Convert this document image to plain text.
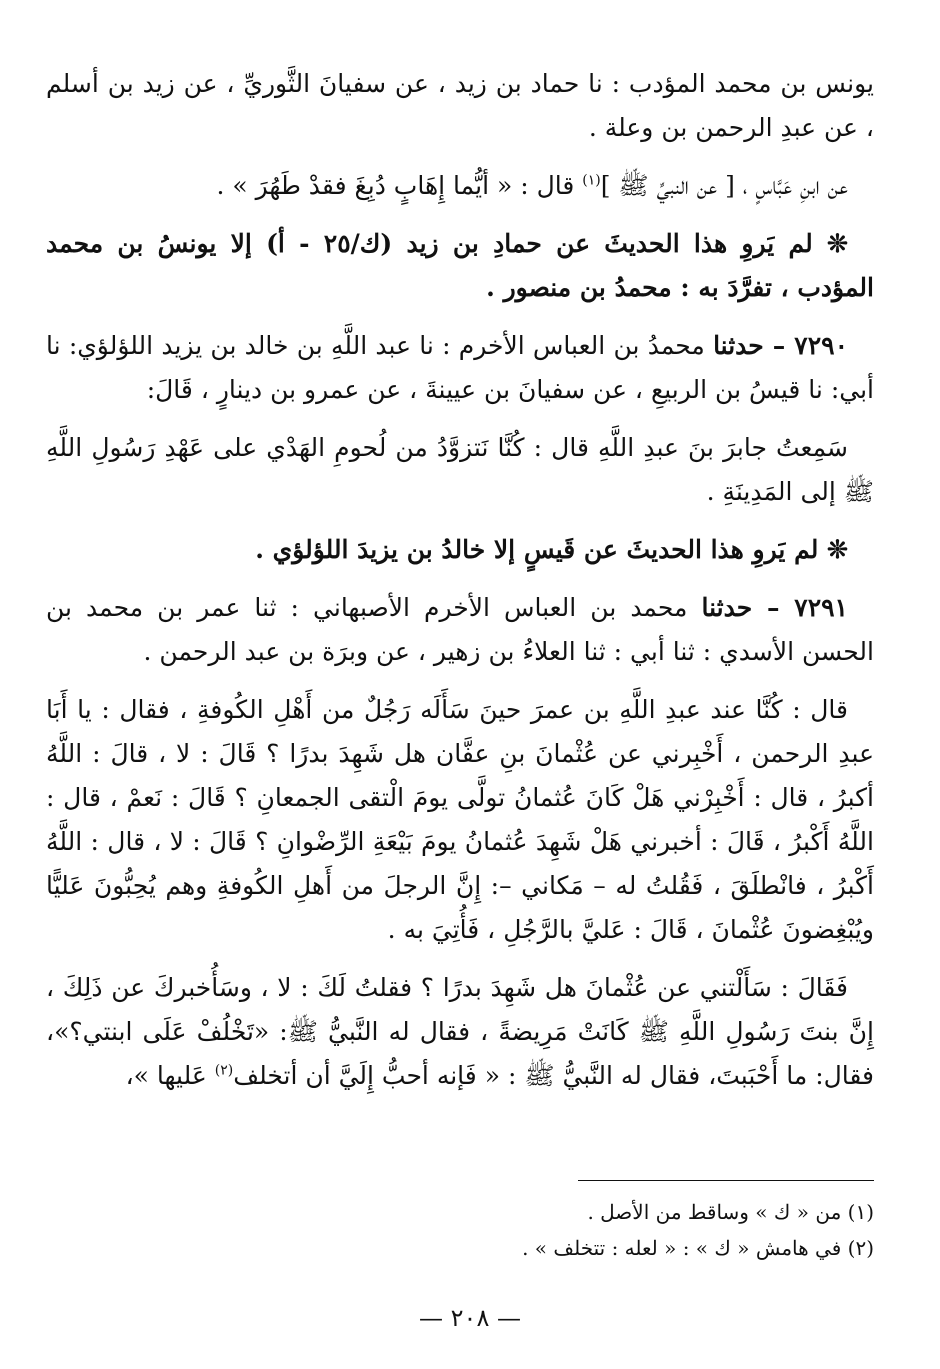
يونس بن محمد المؤدب : نا حماد بن زيد ، عن سفيانَ الثَّوريِّ ، عن زيد بن أسلم ، عن عبدِ الرحمن بن وعلة .

عن ابنِ عَبَّاسٍ ، [ عن النبيِّ ﷺ ]$^{(١)}$ قال : « أيُّما إِهَابٍ دُبِغَ فقدْ طَهُرَ » .

❊ لم يَروِ هذا الحديثَ عن حمادِ بن زيد (ك/٢٥ - أ) إلا يونسُ بن محمد المؤدب ، تفرَّدَ به : محمدُ بن منصور .

٧٢٩٠ – حدثنا محمدُ بن العباس الأخرم : نا عبد اللَّهِ بن خالد بن يزيد اللؤلؤي: نا أبي: نا قيسُ بن الربيعِ ، عن سفيانَ بن عيينةَ ، عن عمرو بن دينارٍ ، قَالَ:

سَمِعتُ جابرَ بنَ عبدِ اللَّهِ قال : كُنَّا نَتزوَّدُ من لُحومِ الهَدْي على عَهْدِ رَسُولِ اللَّهِ ﷺ إلى المَدِينَةِ .

❊ لم يَروِ هذا الحديثَ عن قَيسٍ إلا خالدُ بن يزيدَ اللؤلؤي .

٧٢٩١ – حدثنا محمد بن العباس الأخرم الأصبهاني : ثنا عمر بن محمد بن الحسن الأسدي : ثنا أبي : ثنا العلاءُ بن زهير ، عن وبرَة بن عبد الرحمن .

قال : كُنَّا عند عبدِ اللَّهِ بن عمرَ حينَ سَأَلَه رَجُلٌ من أَهْلِ الكُوفةِ ، فقال : يا أَبَا عبدِ الرحمن ، أَخْبِرني عن عُثْمانَ بنِ عفَّان هل شَهِدَ بدرًا ؟ قَالَ : لا ، قالَ : اللَّهُ أكبرُ ، قال : أَخْبِرْني هَلْ كَانَ عُثمانُ تولَّى يومَ الْتقى الجمعانِ ؟ قَالَ : نَعمْ ، قال : اللَّهُ أَكْبرُ ، قَالَ : أخبرني هَلْ شَهِدَ عُثمانُ يومَ بَيْعَةِ الرِّضْوانِ ؟ قَالَ : لا ، قال : اللَّهُ أَكْبرُ ، فانْطلَقَ ، فَقُلتُ له – مَكاني –: إِنَّ الرجلَ من أَهلِ الكُوفةِ وهم يُحِبُّونَ عَليًّا ويُبْغِضونَ عُثْمانَ ، قَالَ : عَليَّ بالرَّجُلِ ، فَأُتِيَ به .

فَقَالَ : سَأَلْتني عن عُثْمانَ هل شَهِدَ بدرًا ؟ فقلتُ لَكَ : لا ، وسَأُخبركَ عن ذَلِكَ ، إِنَّ بنتَ رَسُولِ اللَّهِ ﷺ كَانَتْ مَرِيضةً ، فقال له النَّبيُّ ﷺ: «تَخْلُفْ عَلَى ابنتي؟»، فقال: ما أَحْبَبتَ، فقال له النَّبيُّ ﷺ : « فَإنه أحبُّ إِلَيَّ أن أتخلف$^{(٢)}$ عَليها »،

(١) من « ك » وساقط من الأصل .

(٢) في هامش « ك » : « لعله : تتخلف » .

— ٢٠٨ —
